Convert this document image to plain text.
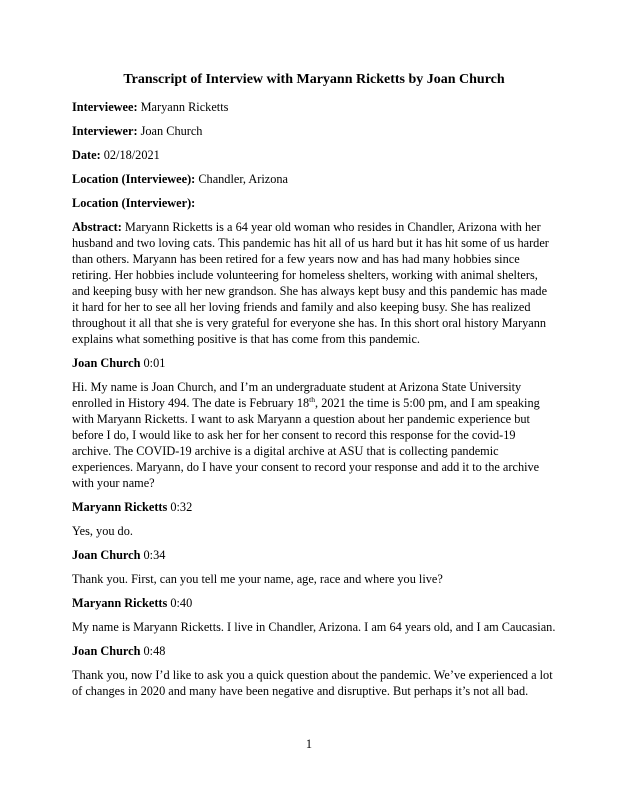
Transcript of Interview with Maryann Ricketts by Joan Church

Interviewee: Maryann Ricketts

Interviewer: Joan Church

Date: 02/18/2021

Location (Interviewee): Chandler, Arizona

Location (Interviewer):

Abstract: Maryann Ricketts is a 64 year old woman who resides in Chandler, Arizona with her husband and two loving cats. This pandemic has hit all of us hard but it has hit some of us harder than others. Maryann has been retired for a few years now and has had many hobbies since retiring. Her hobbies include volunteering for homeless shelters, working with animal shelters, and keeping busy with her new grandson. She has always kept busy and this pandemic has made it hard for her to see all her loving friends and family and also keeping busy. She has realized throughout it all that she is very grateful for everyone she has. In this short oral history Maryann explains what something positive is that has come from this pandemic.

Joan Church 0:01

Hi. My name is Joan Church, and I’m an undergraduate student at Arizona State University enrolled in History 494. The date is February 18th, 2021 the time is 5:00 pm, and I am speaking with Maryann Ricketts. I want to ask Maryann a question about her pandemic experience but before I do, I would like to ask her for her consent to record this response for the covid-19 archive. The COVID-19 archive is a digital archive at ASU that is collecting pandemic experiences. Maryann, do I have your consent to record your response and add it to the archive with your name?

Maryann Ricketts 0:32

Yes, you do.

Joan Church 0:34

Thank you. First, can you tell me your name, age, race and where you live?

Maryann Ricketts 0:40

My name is Maryann Ricketts. I live in Chandler, Arizona. I am 64 years old, and I am Caucasian.

Joan Church 0:48

Thank you, now I’d like to ask you a quick question about the pandemic. We’ve experienced a lot of changes in 2020 and many have been negative and disruptive. But perhaps it’s not all bad.

1
